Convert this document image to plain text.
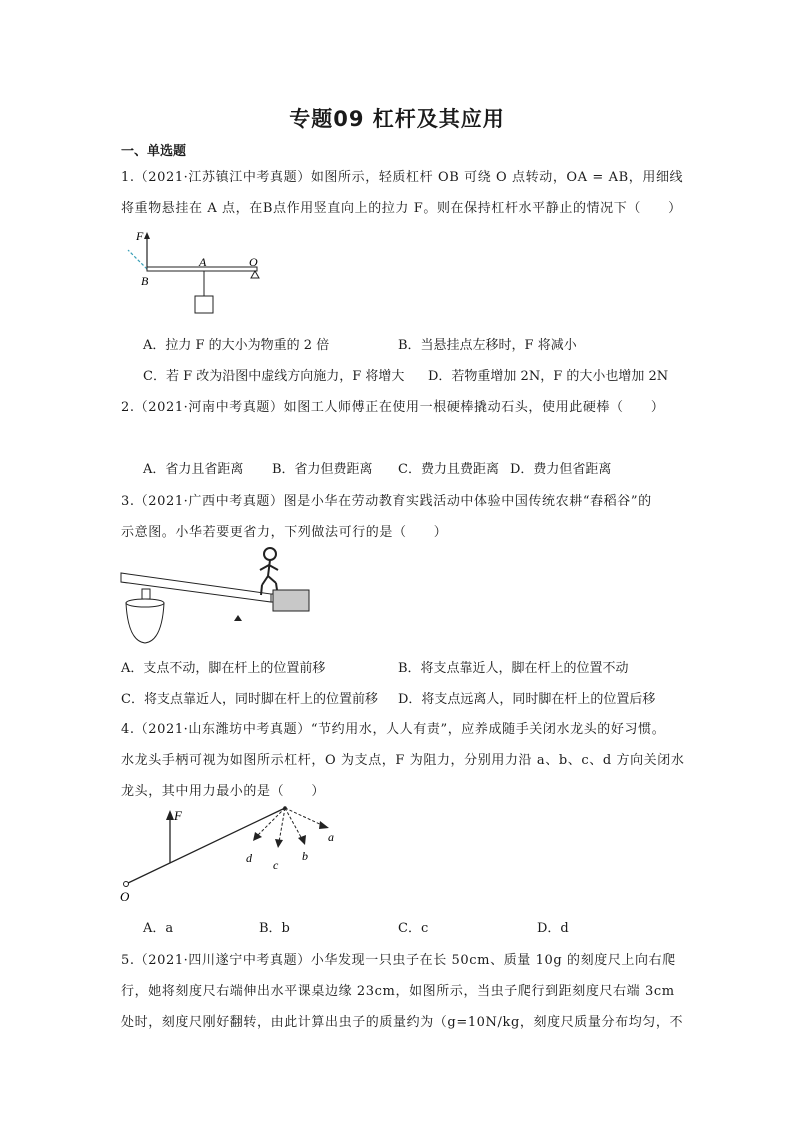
专题09 杠杆及其应用
一、单选题
1.（2021·江苏镇江中考真题）如图所示，轻质杠杆 OB 可绕 O 点转动，OA = AB，用细线
将重物悬挂在 A 点，在B点作用竖直向上的拉力 F。则在保持杠杆水平静止的情况下（　　）
F
A	O
B
A．拉力 F 的大小为物重的 2 倍	B．当悬挂点左移时，F 将减小
C．若 F 改为沿图中虚线方向施力，F 将增大 D．若物重增加 2N，F 的大小也增加 2N
2.（2021·河南中考真题）如图工人师傅正在使用一根硬棒撬动石头，使用此硬棒（　　）
A．省力且省距离 B．省力但费距离 C．费力且费距离 D．费力但省距离
3.（2021·广西中考真题）图是小华在劳动教育实践活动中体验中国传统农耕“舂稻谷”的
示意图。小华若要更省力，下列做法可行的是（　　）
A．支点不动，脚在杆上的位置前移	B．将支点靠近人，脚在杆上的位置不动
C．将支点靠近人，同时脚在杆上的位置前移 D．将支点远离人，同时脚在杆上的位置后移
4.（2021·山东潍坊中考真题）“节约用水，人人有责”，应养成随手关闭水龙头的好习惯。
水龙头手柄可视为如图所示杠杆，O 为支点，F 为阻力，分别用力沿 a、b、c、d 方向关闭水
龙头，其中用力最小的是（　　）
O
F
a
b
c
d
A．a	B．b	C．c	D．d
5.（2021·四川遂宁中考真题）小华发现一只虫子在长 50cm、质量 10g 的刻度尺上向右爬
行，她将刻度尺右端伸出水平课桌边缘 23cm，如图所示，当虫子爬行到距刻度尺右端 3cm
处时，刻度尺刚好翻转，由此计算出虫子的质量约为（g=10N/kg，刻度尺质量分布均匀，不
